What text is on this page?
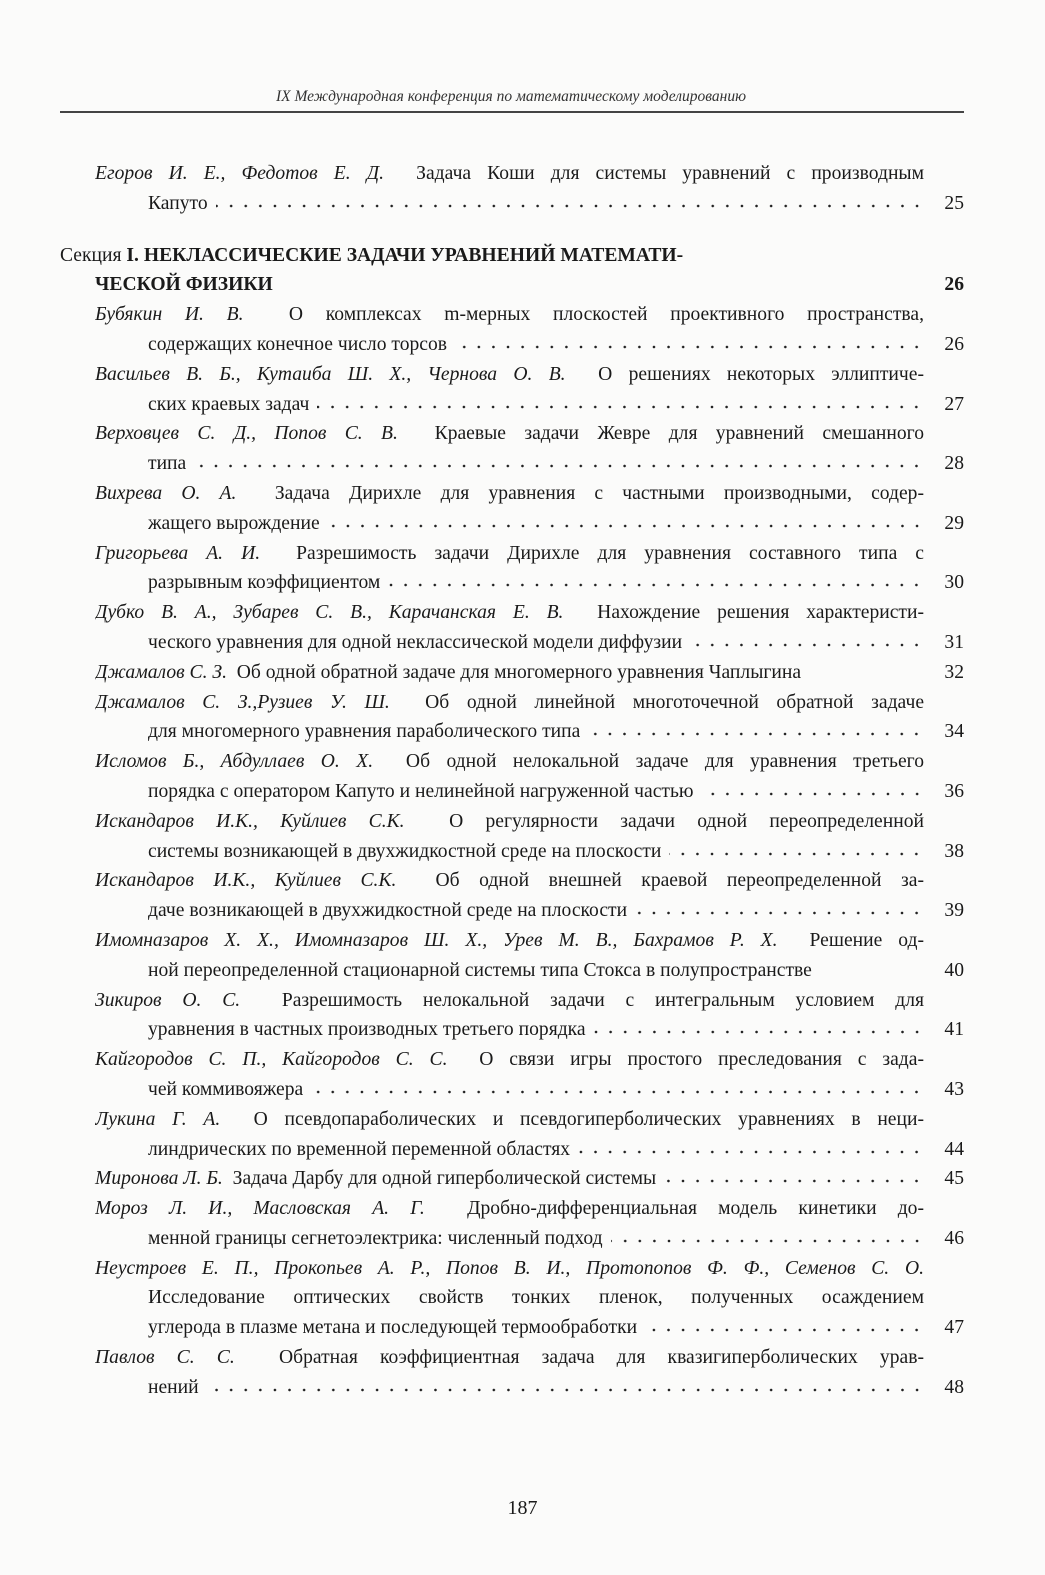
IX Международная конференция по математическому моделированию
Егоров И. Е., Федотов Е. Д. Задача Коши для системы уравнений с производным
Капуто	25
Секция
I. НЕКЛАССИЧЕСКИЕ ЗАДАЧИ УРАВНЕНИЙ МАТЕМАТИ-
ЧЕСКОЙ ФИЗИКИ	26
Бубякин И. В. О комплексах m-мерных плоскостей проективного пространства,
содержащих конечное число торсов	26
Васильев В. Б., Кутаиба Ш. Х., Чернова О. В. О решениях некоторых эллиптиче-
ских краевых задач	27
Верховцев С. Д., Попов С. В. Краевые задачи Жевре для уравнений смешанного
типа	28
Вихрева О. А. Задача Дирихле для уравнения с частными производными, содер-
жащего вырождение	29
Григорьева А. И. Разрешимость задачи Дирихле для уравнения составного типа с
разрывным коэффициентом	30
Дубко В. А., Зубарев С. В., Карачанская Е. В. Нахождение решения характеристи-
ческого уравнения для одной неклассической модели диффузии	31
Джамалов С. З. Об одной обратной задаче для многомерного уравнения Чаплыгина	32
Джамалов С. З.,Рузиев У. Ш. Об одной линейной многоточечной обратной задаче
для многомерного уравнения параболического типа	34
Исломов Б., Абдуллаев О. Х. Об одной нелокальной задаче для уравнения третьего
порядка с оператором Капуто и нелинейной нагруженной частью	36
Искандаров И.К., Куйлиев С.К. О регулярности задачи одной переопределенной
системы возникающей в двухжидкостной среде на плоскости	38
Искандаров И.К., Куйлиев С.К. Об одной внешней краевой переопределенной за-
даче возникающей в двухжидкостной среде на плоскости	39
Имомназаров Х. Х., Имомназаров Ш. Х., Урев М. В., Бахрамов Р. Х. Решение од-
ной переопределенной стационарной системы типа Стокса в полупространстве	40
Зикиров О. С. Разрешимость нелокальной задачи с интегральным условием для
уравнения в частных производных третьего порядка	41
Кайгородов С. П., Кайгородов С. С. О связи игры простого преследования с зада-
чей коммивояжера	43
Лукина Г. А. О псевдопараболических и псевдогиперболических уравнениях в неци-
линдрических по временной переменной областях	44
Миронова Л. Б.
Задача Дарбу для одной гиперболической системы	45
Мороз Л. И., Масловская А. Г. Дробно-дифференциальная модель кинетики до-
менной границы сегнетоэлектрика: численный подход	46
Неустроев Е. П., Прокопьев А. Р., Попов В. И., Протопопов Ф. Ф., Семенов С. О.
Исследование оптических свойств тонких пленок, полученных осаждением
углерода в плазме метана и последующей термообработки	47
Павлов С. С. Обратная коэффициентная задача для квазигиперболических урав-
нений	48
187
